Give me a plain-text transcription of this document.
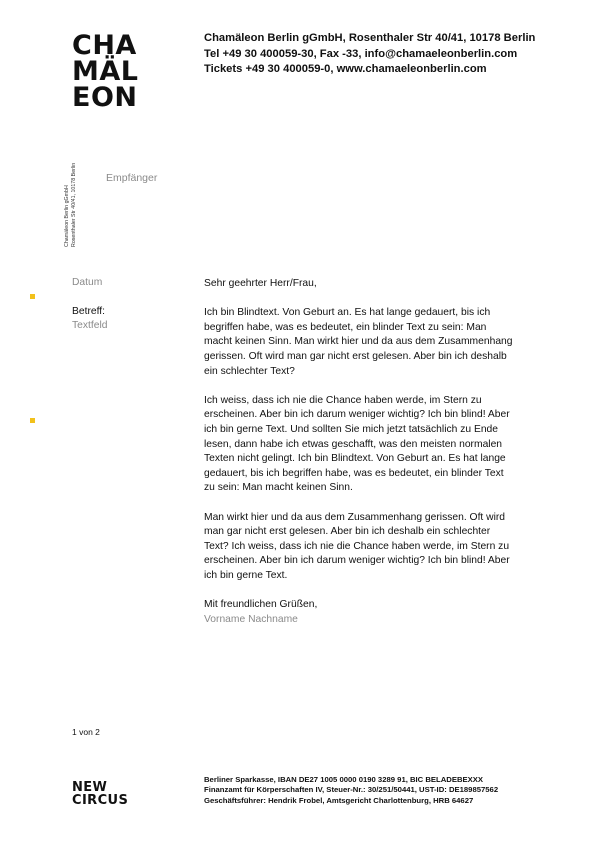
CHA
MÄL
EON
Chamäleon Berlin gGmbH, Rosenthaler Str 40/41, 10178 Berlin
Tel +49 30 400059-30, Fax -33, info@chamaeleonberlin.com
Tickets +49 30 400059-0, www.chamaeleonberlin.com
Chamäleon Berlin gGmbH Rosenthaler Str 40/41, 10178 Berlin	Empfänger
Datum
Betreff:
Textfeld

Sehr geehrter Herr/Frau,

Ich bin Blindtext. Von Geburt an. Es hat lange gedauert, bis ich
begriffen habe, was es bedeutet, ein blinder Text zu sein: Man
macht keinen Sinn. Man wirkt hier und da aus dem Zusammenhang
gerissen. Oft wird man gar nicht erst gelesen. Aber bin ich deshalb
ein schlechter Text?

Ich weiss, dass ich nie die Chance haben werde, im Stern zu
erscheinen. Aber bin ich darum weniger wichtig? Ich bin blind! Aber
ich bin gerne Text. Und sollten Sie mich jetzt tatsächlich zu Ende
lesen, dann habe ich etwas geschafft, was den meisten normalen
Texten nicht gelingt. Ich bin Blindtext. Von Geburt an. Es hat lange
gedauert, bis ich begriffen habe, was es bedeutet, ein blinder Text
zu sein: Man macht keinen Sinn.

Man wirkt hier und da aus dem Zusammenhang gerissen. Oft wird
man gar nicht erst gelesen. Aber bin ich deshalb ein schlechter
Text? Ich weiss, dass ich nie die Chance haben werde, im Stern zu
erscheinen. Aber bin ich darum weniger wichtig? Ich bin blind! Aber
ich bin gerne Text.

Mit freundlichen Grüßen,

Vorname Nachname

1 von 2
NEW
CIRCUS
Berliner Sparkasse, IBAN DE27 1005 0000 0190 3289 91, BIC BELADEBEXXX
Finanzamt für Körperschaften IV, Steuer-Nr.: 30/251/50441, UST-ID: DE189857562
Geschäftsführer: Hendrik Frobel, Amtsgericht Charlottenburg, HRB 64627
